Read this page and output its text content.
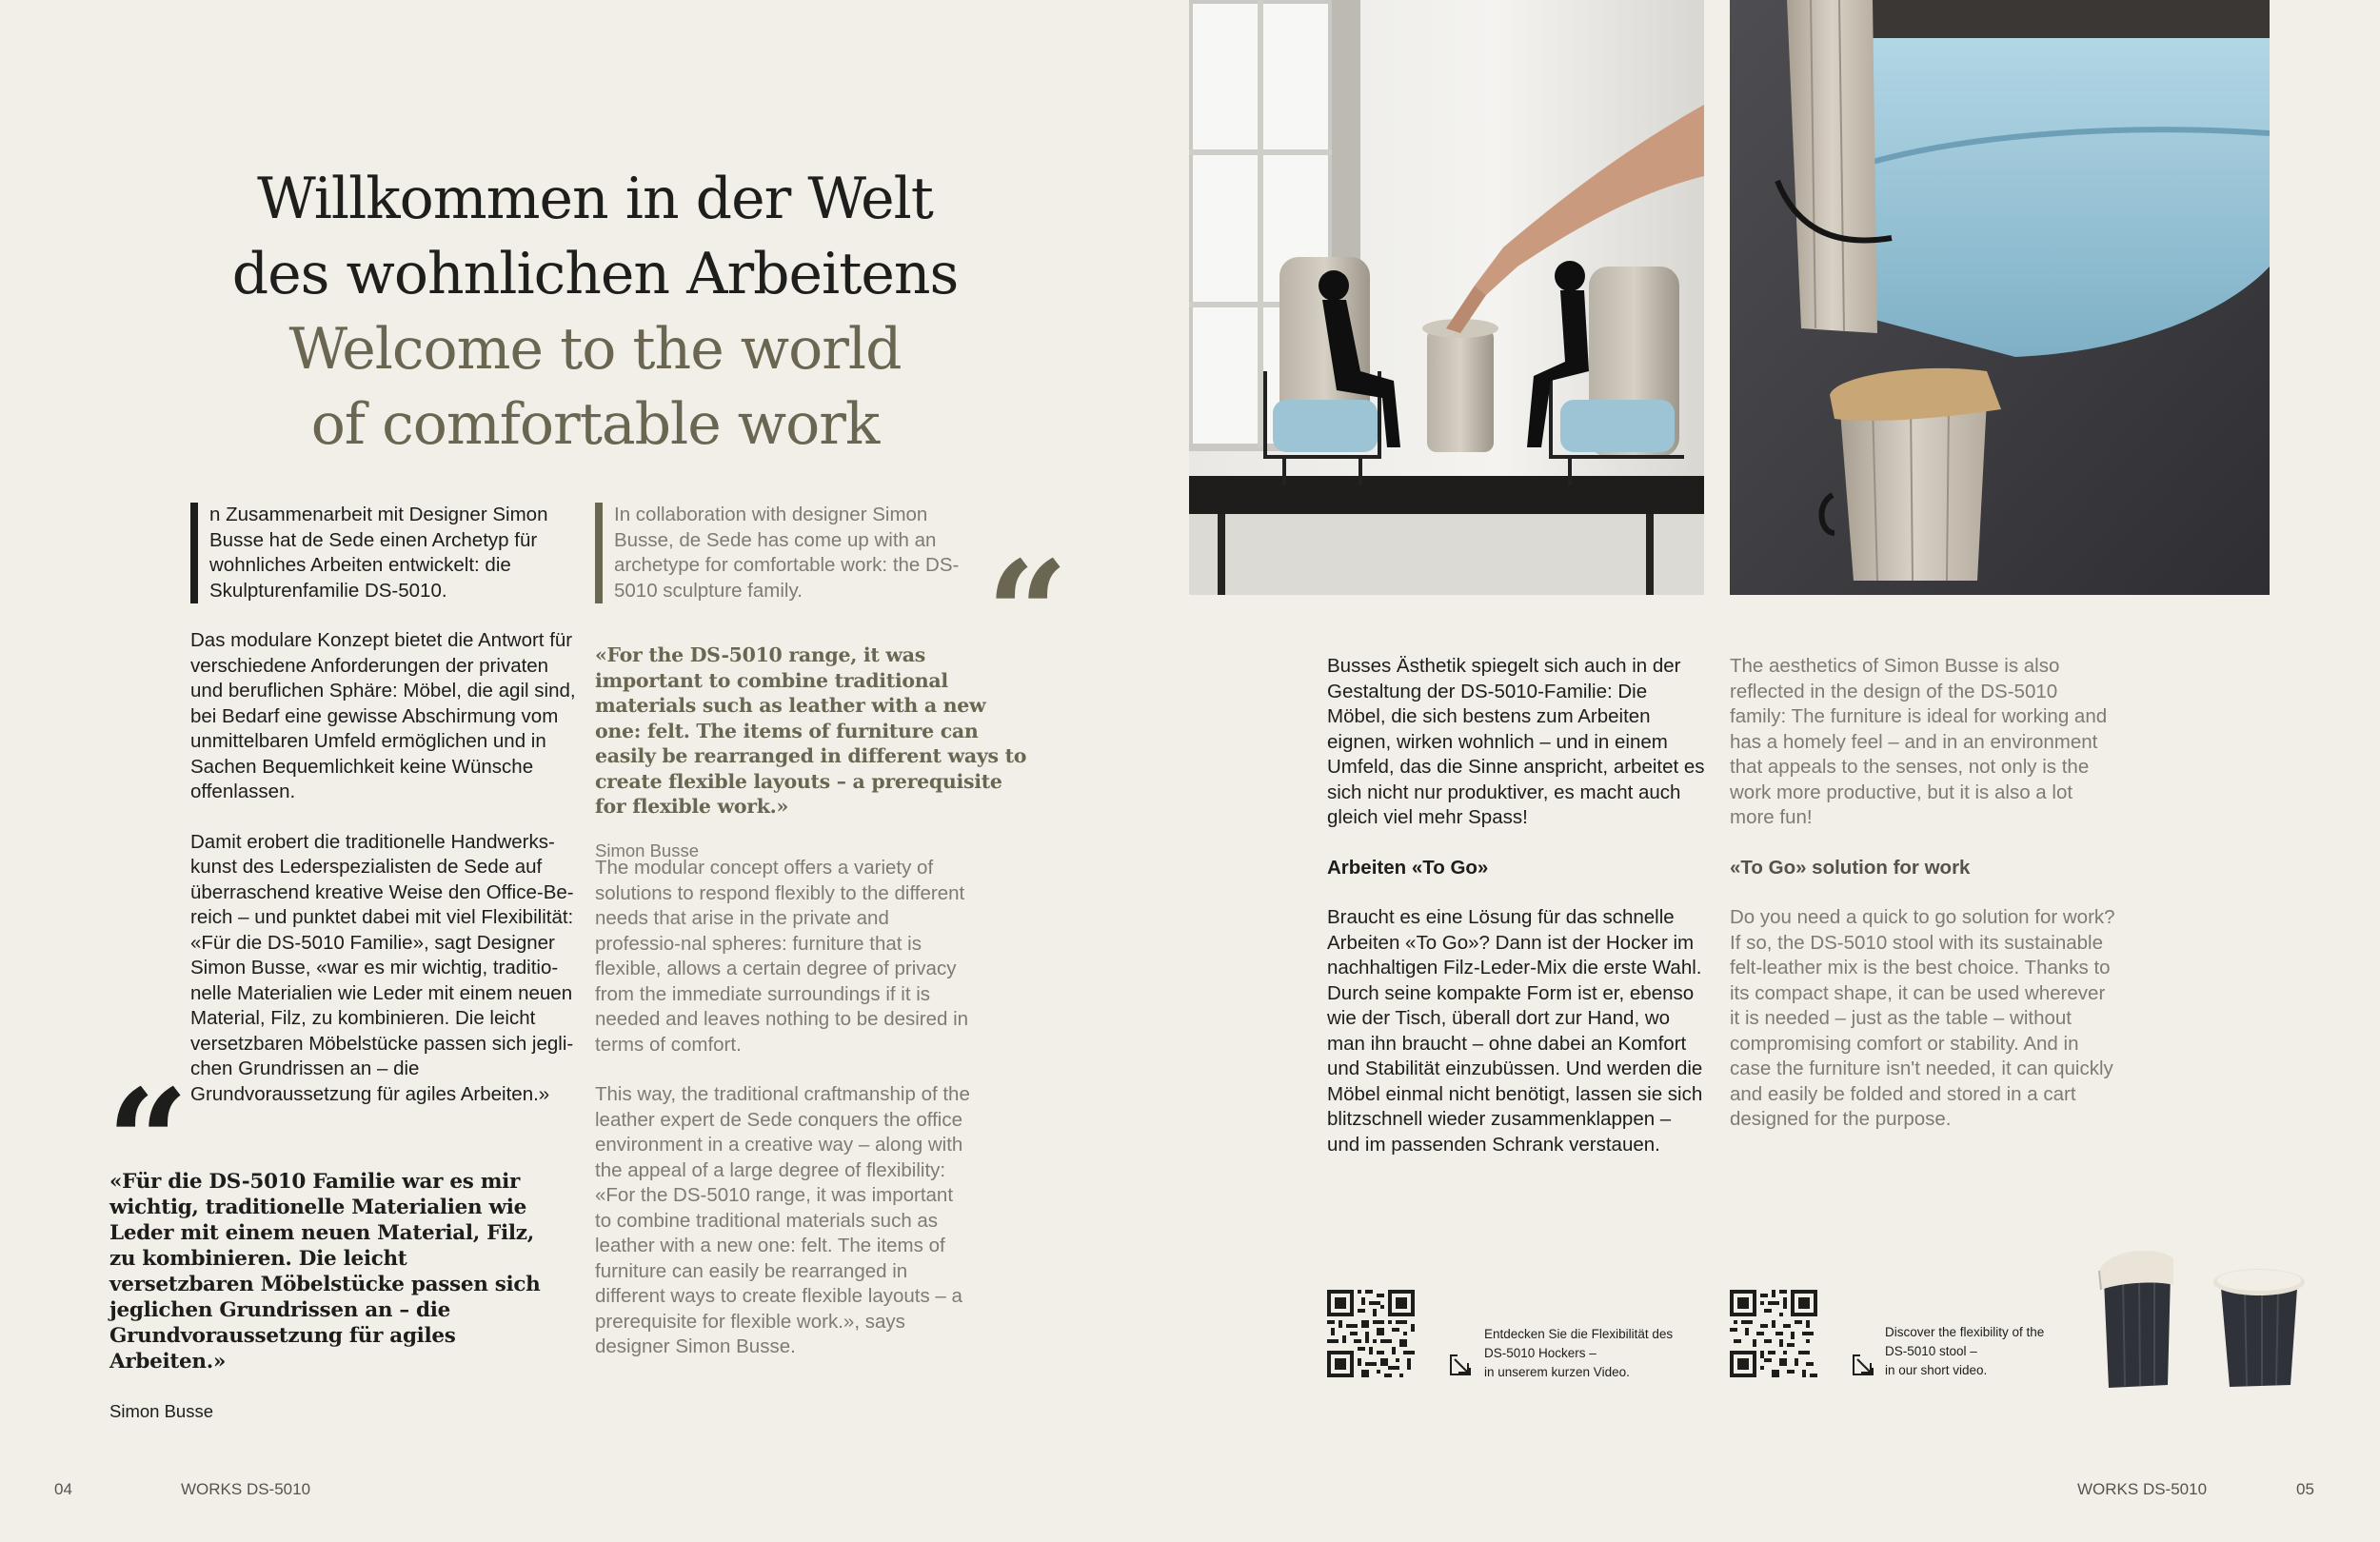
Willkommen in der Welt
des wohnlichen Arbeitens
Welcome to the world
of comfortable work

n Zusammenarbeit mit Designer Simon Busse hat de Sede einen Archetyp für wohnliches Arbeiten entwickelt: die Skulpturenfamilie DS-5010.

Das modulare Konzept bietet die Antwort für verschiedene Anforderungen der privaten und beruflichen Sphäre: Möbel, die agil sind, bei Bedarf eine gewisse Abschirmung vom unmittelbaren Umfeld ermöglichen und in Sachen Bequemlichkeit keine Wünsche offenlassen.

Damit erobert die traditionelle Handwerks-kunst des Lederspezialisten de Sede auf überraschend kreative Weise den Office-Be-reich – und punktet dabei mit viel Flexibilität: «Für die DS-5010 Familie», sagt Designer Simon Busse, «war es mir wichtig, traditio-nelle Materialien wie Leder mit einem neuen Material, Filz, zu kombinieren. Die leicht versetzbaren Möbelstücke passen sich jegli-chen Grundrissen an – die Grundvoraussetzung für agiles Arbeiten.»

“
«Für die DS-5010 Familie war es mir wichtig, traditionelle Materialien wie Leder mit einem neuen Material, Filz, zu kombinieren. Die leicht versetzbaren Möbelstücke passen sich jeglichen Grundrissen an – die Grundvoraussetzung für agiles Arbeiten.»
Simon Busse

In collaboration with designer Simon Busse, de Sede has come up with an archetype for comfortable work: the DS-5010 sculpture family.	“
«For the DS-5010 range, it was important to combine traditional materials such as leather with a new one: felt. The items of furniture can easily be rearranged in different ways to create flexible layouts – a prerequisite for flexible work.»
Simon Busse

The modular concept offers a variety of solutions to respond flexibly to the different needs that arise in the private and professio-nal spheres: furniture that is flexible, allows a certain degree of privacy from the immediate surroundings if it is needed and leaves nothing to be desired in terms of comfort.

This way, the traditional craftmanship of the leather expert de Sede conquers the office environment in a creative way – along with the appeal of a large degree of flexibility: «For the DS-5010 range, it was important to combine traditional materials such as leather with a new one: felt. The items of furniture can easily be rearranged in different ways to create flexible layouts – a prerequisite for flexible work.», says designer Simon Busse.

Busses Ästhetik spiegelt sich auch in der Gestaltung der DS-5010-Familie: Die Möbel, die sich bestens zum Arbeiten eignen, wirken wohnlich – und in einem Umfeld, das die Sinne anspricht, arbeitet es sich nicht nur produktiver, es macht auch gleich viel mehr Spass!

Arbeiten «To Go»

Braucht es eine Lösung für das schnelle Arbeiten «To Go»? Dann ist der Hocker im nachhaltigen Filz-Leder-Mix die erste Wahl. Durch seine kompakte Form ist er, ebenso wie der Tisch, überall dort zur Hand, wo man ihn braucht – ohne dabei an Komfort und Stabilität einzubüssen. Und werden die Möbel einmal nicht benötigt, lassen sie sich blitzschnell wieder zusammenklappen – und im passenden Schrank verstauen.

The aesthetics of Simon Busse is also reflected in the design of the DS-5010 family: The furniture is ideal for working and has a homely feel – and in an environment that appeals to the senses, not only is the work more productive, but it is also a lot more fun!

«To Go» solution for work

Do you need a quick to go solution for work? If so, the DS-5010 stool with its sustainable felt-leather mix is the best choice. Thanks to its compact shape, it can be used wherever it is needed – just as the table – without compromising comfort or stability. And in case the furniture isn't needed, it can quickly and easily be folded and stored in a cart designed for the purpose.

Entdecken Sie die Flexibilität des
DS-5010 Hockers –
in unserem kurzen Video.
Discover the flexibility of the
DS-5010 stool –
in our short video.
04	WORKS DS-5010	WORKS DS-5010	05
